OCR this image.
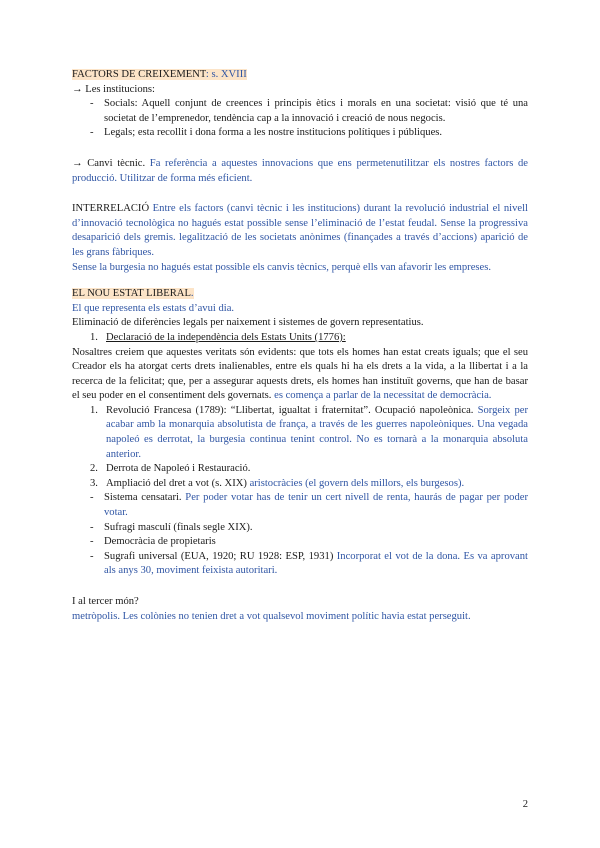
FACTORS DE CREIXEMENT: s. XVIII

→ Les institucions:

- Socials: Aquell conjunt de creences i principis ètics i morals en una societat: visió que té una societat de l’emprenedor, tendència cap a la innovació i creació de nous negocis.
- Legals; esta recollit i dona forma a les nostre institucions polítiques i públiques.

→ Canvi tècnic. Fa referència a aquestes innovacions que ens permetenutilitzar els nostres factors de producció. Utilitzar de forma més eficient.

INTERRELACIÓ Entre els factors (canvi tècnic i les institucions) durant la revolució industrial el nivell d’innovació tecnològica no hagués estat possible sense l’eliminació de l’estat feudal. Sense la progressiva desaparició dels gremis. legalització de les societats anònimes (finançades a través d’accions) aparició de les grans fàbriques.

Sense la burgesia no hagués estat possible els canvis tècnics, perquè ells van afavorir les empreses.

EL NOU ESTAT LIBERAL.

El que representa els estats d’avui dia.

Eliminació de diferències legals per naixement i sistemes de govern representatius.

1. Declaració de la independència dels Estats Units (1776):

Nosaltres creiem que aquestes veritats són evidents: que tots els homes han estat creats iguals; que el seu Creador els ha atorgat certs drets inalienables, entre els quals hi ha els drets a la vida, a la llibertat i a la recerca de la felicitat; que, per a assegurar aquests drets, els homes han instituït governs, que han de basar el seu poder en el consentiment dels governats. es comença a parlar de la necessitat de democràcia.

1. Revolució Francesa (1789): “Llibertat, igualtat i fraternitat”. Ocupació napoleònica. Sorgeix per acabar amb la monarquia absolutista de frança, a través de les guerres napoleòniques. Una vegada napoleó es derrotat, la burgesia continua tenint control. No es tornarà a la monarquia absoluta anterior.
2. Derrota de Napoleó i Restauració.
3. Ampliació del dret a vot (s. XIX) aristocràcies (el govern dels millors, els burgesos).
- Sistema censatari. Per poder votar has de tenir un cert nivell de renta, haurás de pagar per poder votar.
- Sufragi masculí (finals segle XIX).
- Democràcia de propietaris
- Sugrafi universal (EUA, 1920; RU 1928: ESP, 1931) Incorporat el vot de la dona. Es va aprovant als anys 30, moviment feixista autoritari.

I al tercer món?

metròpolis. Les colònies no tenien dret a vot qualsevol moviment polític havia estat perseguit.

2
